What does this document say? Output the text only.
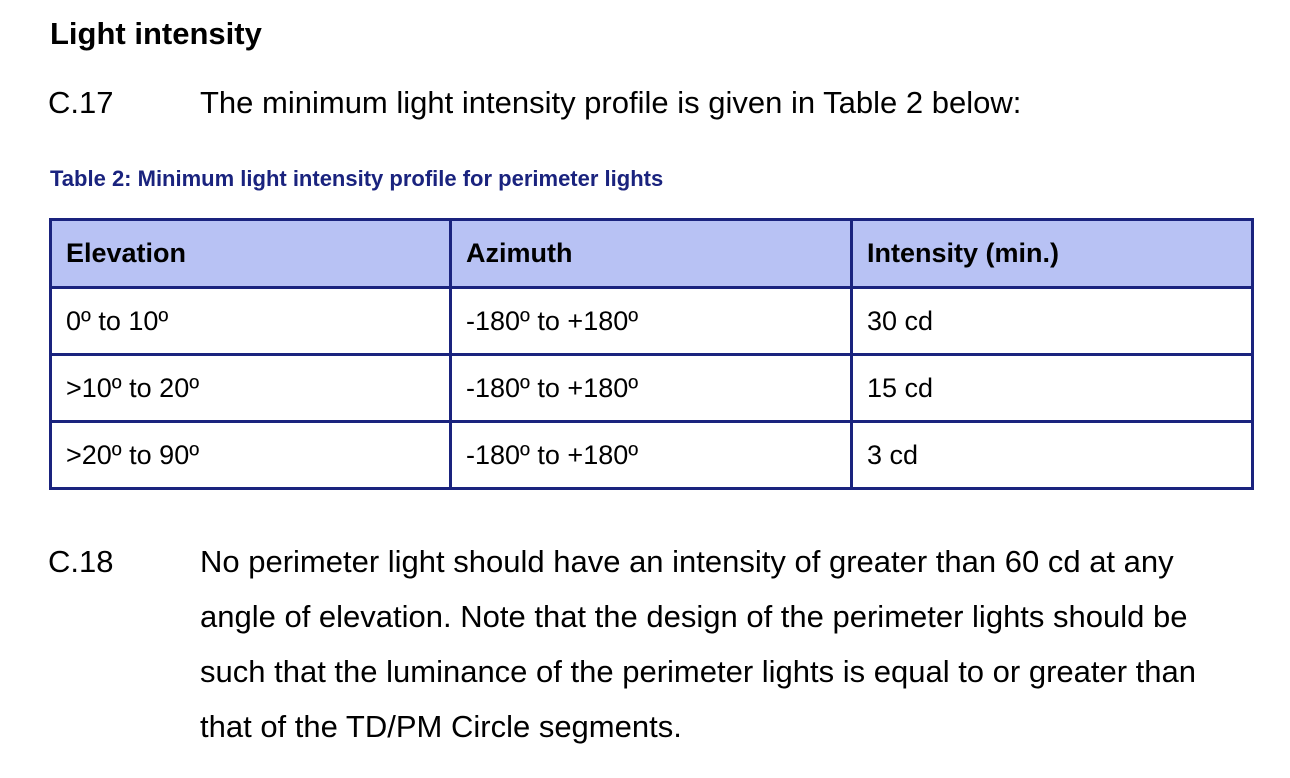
Light intensity
C.17	The minimum light intensity profile is given in Table 2 below:
Table 2: Minimum light intensity profile for perimeter lights
Elevation	Azimuth	Intensity (min.)
0º to 10º	-180º to +180º	30 cd
>10º to 20º	-180º to +180º	15 cd
>20º to 90º	-180º to +180º	3 cd
C.18	No perimeter light should have an intensity of greater than 60 cd at any angle of elevation. Note that the design of the perimeter lights should be such that the luminance of the perimeter lights is equal to or greater than that of the TD/PM Circle segments.
